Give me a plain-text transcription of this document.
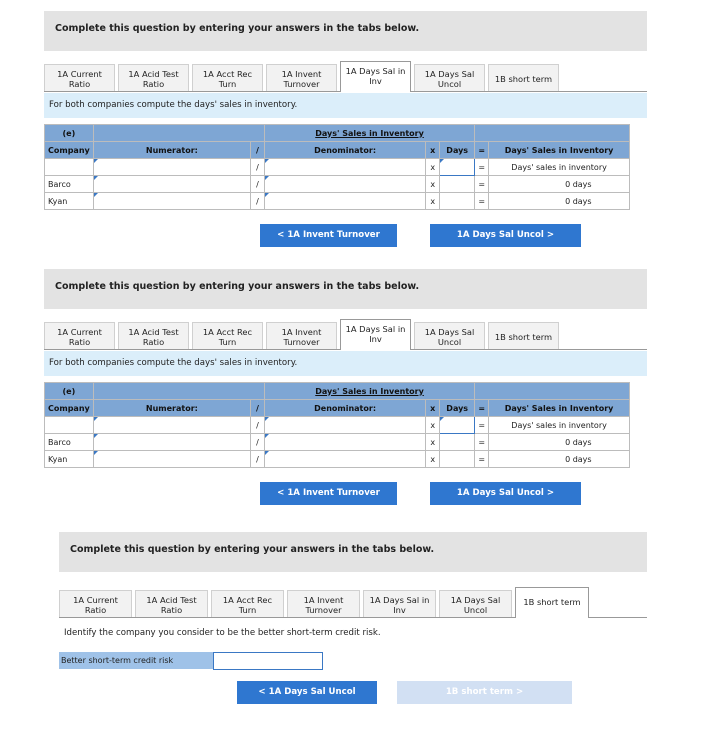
Complete this question by entering your answers in the tabs below.
1A Current
Ratio
1A Acid Test
Ratio
1A Acct Rec
Turn
1A Invent
Turnover
1A Days Sal in
Inv
1A Days Sal
Uncol	1B short term
For both companies compute the days' sales in inventory.
(e)			Days' Sales in Inventory				
Company	Numerator:	/	Denominator:	x	Days	=	Days' Sales in Inventory
		/		x		=	Days' sales in inventory
Barco		/		x		=	0 days
Kyan		/		x		=	0 days
< 1A Invent Turnover	1A Days Sal Uncol >
Complete this question by entering your answers in the tabs below.
1A Current
Ratio
1A Acid Test
Ratio
1A Acct Rec
Turn
1A Invent
Turnover
1A Days Sal in
Inv
1A Days Sal
Uncol	1B short term
For both companies compute the days' sales in inventory.
(e)			Days' Sales in Inventory				
Company	Numerator:	/	Denominator:	x	Days	=	Days' Sales in Inventory
		/		x		=	Days' sales in inventory
Barco		/		x		=	0 days
Kyan		/		x		=	0 days
< 1A Invent Turnover	1A Days Sal Uncol >
Complete this question by entering your answers in the tabs below.
1A Current
Ratio
1A Acid Test
Ratio
1A Acct Rec
Turn
1A Invent
Turnover
1A Days Sal in
Inv
1A Days Sal
Uncol
1B short term
Identify the company you consider to be the better short-term credit risk.
Better short-term credit risk
< 1A Days Sal Uncol	1B short term >
